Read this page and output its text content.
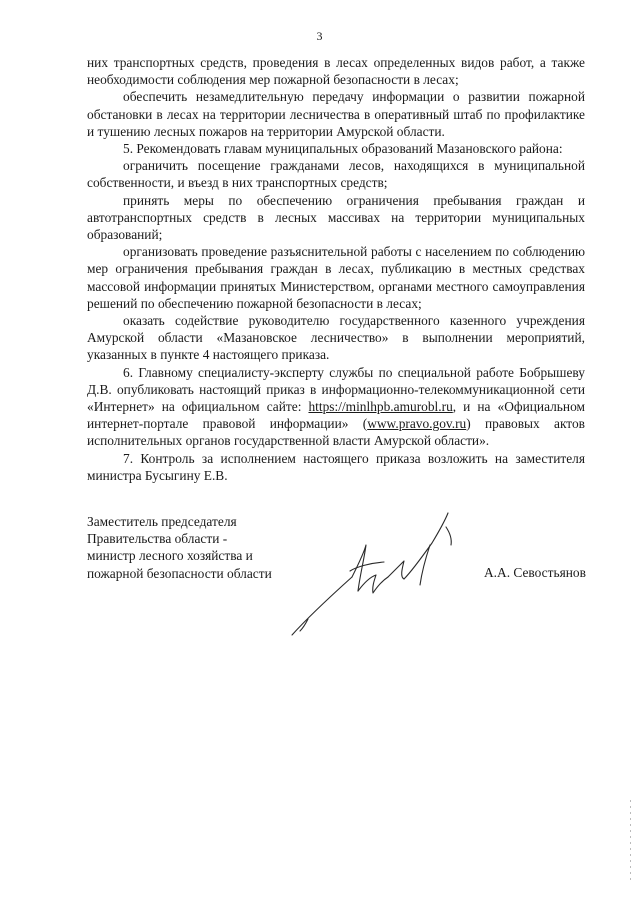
3

них транспортных средств, проведения в лесах определенных видов работ, а также необходимости соблюдения мер пожарной безопасности в лесах;

обеспечить незамедлительную передачу информации о развитии пожарной обстановки в лесах на территории лесничества в оперативный штаб по профилактике и тушению лесных пожаров на территории Амурской области.

5. Рекомендовать главам муниципальных образований Мазановского района:

ограничить посещение гражданами лесов, находящихся в муниципальной собственности, и въезд в них транспортных средств;

принять меры по обеспечению ограничения пребывания граждан и автотранспортных средств в лесных массивах на территории муниципальных образований;

организовать проведение разъяснительной работы с населением по соблюдению мер ограничения пребывания граждан в лесах, публикацию в местных средствах массовой информации принятых Министерством, органами местного самоуправления решений по обеспечению пожарной безопасности в лесах;

оказать содействие руководителю государственного казенного учреждения Амурской области «Мазановское лесничество» в выполнении мероприятий, указанных в пункте 4 настоящего приказа.

6. Главному специалисту-эксперту службы по специальной работе Бобрышеву Д.В. опубликовать настоящий приказ в информационно-телекоммуникационной сети «Интернет» на официальном сайте: https://minlhpb.amurobl.ru, и на «Официальном интернет-портале правовой информации» (www.pravo.gov.ru) правовых актов исполнительных органов государственной власти Амурской области».

7. Контроль за исполнением настоящего приказа возложить на заместителя министра Бусыгину Е.В.

Заместитель председателя
Правительства области -
министр лесного хозяйства и
пожарной безопасности области	А.А. Севостьянов
